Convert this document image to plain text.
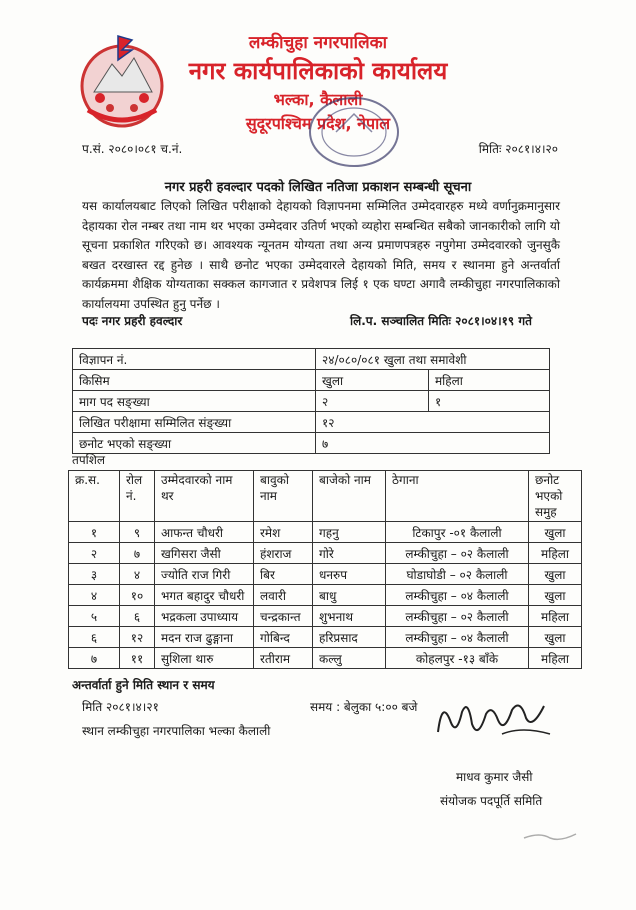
लम्कीचुहा नगरपालिका
नगर कार्यपालिकाको कार्यालय
भल्का, कैलाली
सुदूरपश्चिम प्रदेश, नेपाल
प.सं. २०८०।०८१ च.नं.	मितिः २०८१।४।२०
नगर प्रहरी हवल्दार पदको लिखित नतिजा प्रकाशन सम्बन्धी सूचना
यस कार्यालयबाट लिएको लिखित परीक्षाको देहायको विज्ञापनमा सम्मिलित उम्मेदवारहरु मध्ये वर्णानुक्रमानुसार देहायका रोल नम्बर तथा नाम थर भएका उम्मेदवार उतिर्ण भएको व्यहोरा सम्बन्धित सबैको जानकारीको लागि यो सूचना प्रकाशित गरिएको छ। आवश्यक न्यूनतम योग्यता तथा अन्य प्रमाणपत्रहरु नपुगेमा उम्मेदवारको जुनसुकै बखत दरखास्त रद्द हुनेछ । साथै छनोट भएका उम्मेदवारले देहायको मिति, समय र स्थानमा हुने अन्तर्वार्ता कार्यक्रममा शैक्षिक योग्यताका सक्कल कागजात र प्रवेशपत्र लिई १ एक घण्टा अगावै लम्कीचुहा नगरपालिकाको कार्यालयमा उपस्थित हुनु पर्नेछ ।
पदः नगर प्रहरी हवल्दार	लि.प. सञ्चालित मितिः २०८१।०४।१९ गते
विज्ञापन नं.	२४/०८०/०८१ खुला तथा समावेशी	
किसिम	खुला	महिला
माग पद सङ्ख्या	२	१
लिखित परीक्षामा सम्मिलित संङ्ख्या	१२	
छनोट भएको सङ्ख्या	७	
तपशिल
क्र.स.	रोल नं.	उम्मेदवारको नाम थर	बावुको नाम	बाजेको नाम	ठेगाना	छनोट भएको समुह
१	९	आफन्त चौधरी	रमेश	गहनु	टिकापुर -०१ कैलाली	खुला
२	७	खगिसरा जैसी	हंशराज	गोरे	लम्कीचुहा – ०२ कैलाली	महिला
३	४	ज्योति राज गिरी	बिर	धनरुप	घोडाघोडी – ०२ कैलाली	खुला
४	१०	भगत बहादुर चौधरी	लवारी	बाधु	लम्कीचुहा – ०४ कैलाली	खुला
५	६	भद्रकला उपाध्याय	चन्द्रकान्त	शुभनाथ	लम्कीचुहा – ०२ कैलाली	महिला
६	१२	मदन राज ढुङ्गाना	गोबिन्द	हरिप्रसाद	लम्कीचुहा – ०४ कैलाली	खुला
७	११	सुशिला थारु	रतीराम	कल्लु	कोहलपुर -१३ बाँके	महिला
अन्तर्वार्ता हुने मिति स्थान र समय
मिति २०८१।४।२१	समय : बेलुका ५:०० बजे
स्थान लम्कीचुहा नगरपालिका भल्का कैलाली
माधव कुमार जैसी
संयोजक पदपूर्ति समिति
